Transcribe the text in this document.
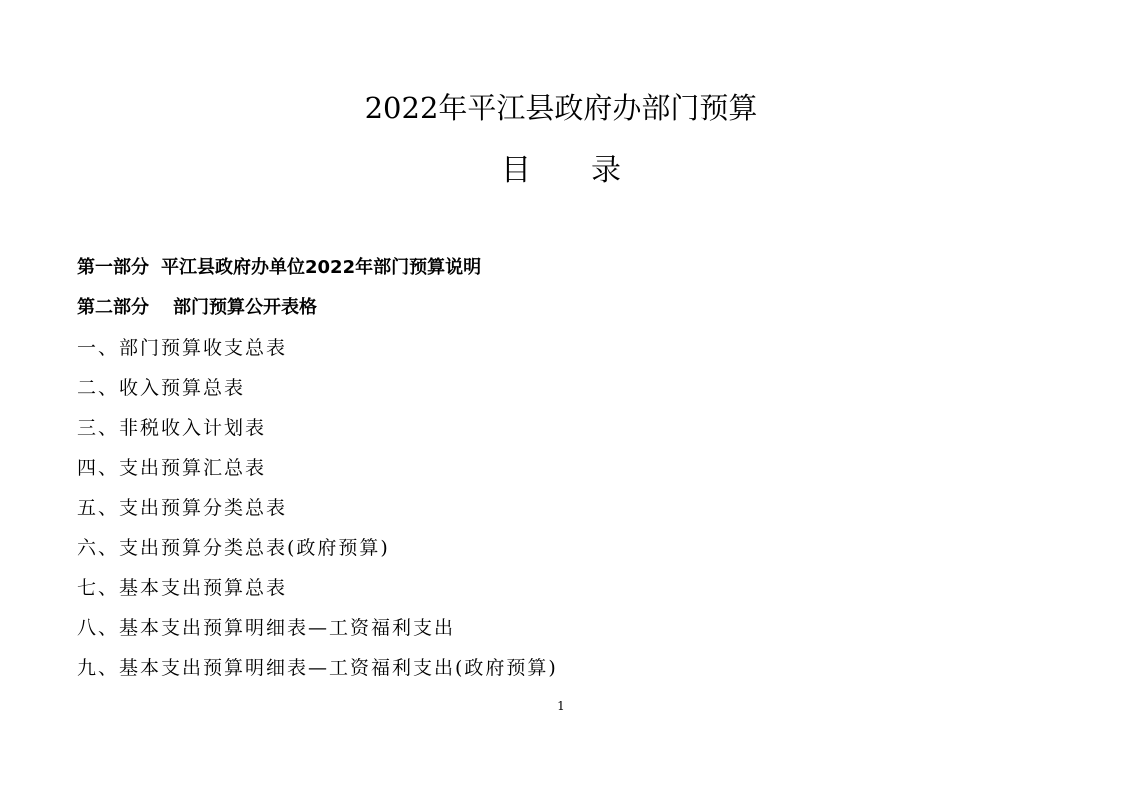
2022年平江县政府办部门预算
目 录
第一部分 平江县政府办单位2022年部门预算说明
第二部分 部门预算公开表格
一、部门预算收支总表
二、收入预算总表
三、非税收入计划表
四、支出预算汇总表
五、支出预算分类总表
六、支出预算分类总表(政府预算)
七、基本支出预算总表
八、基本支出预算明细表—工资福利支出
九、基本支出预算明细表—工资福利支出(政府预算)
1
